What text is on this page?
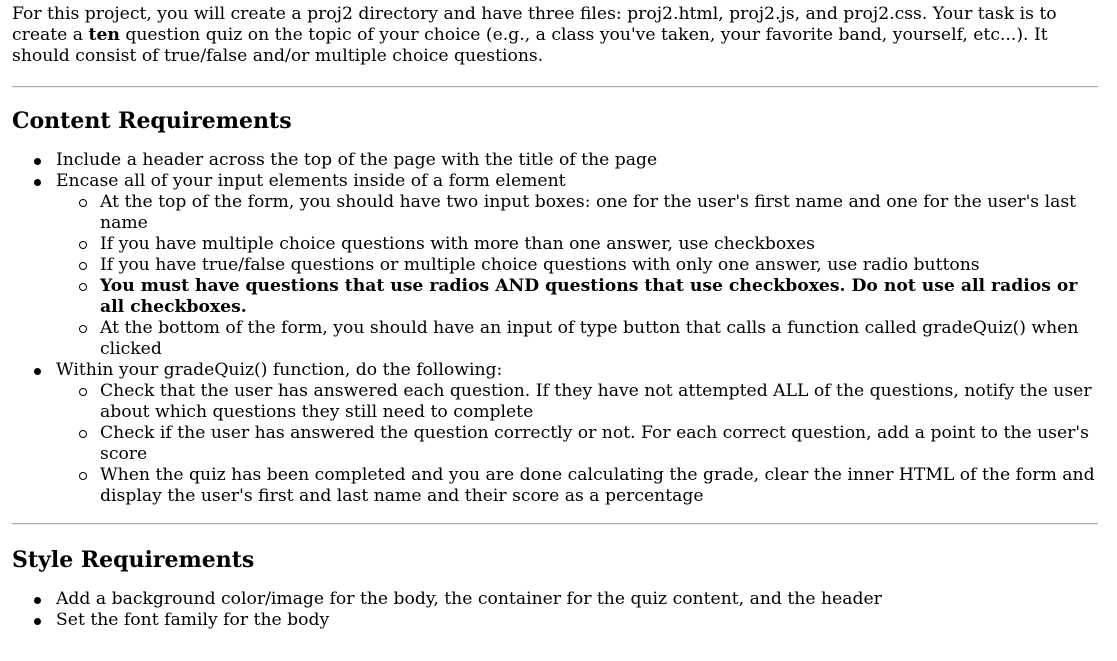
For this project, you will create a proj2 directory and have three files: proj2.html, proj2.js, and proj2.css. Your task is to create a ten question quiz on the topic of your choice (e.g., a class you've taken, your favorite band, yourself, etc...). It should consist of true/false and/or multiple choice questions.

Content Requirements
Include a header across the top of the page with the title of the page
Encase all of your input elements inside of a form element
At the top of the form, you should have two input boxes: one for the user's first name and one for the user's last name
If you have multiple choice questions with more than one answer, use checkboxes
If you have true/false questions or multiple choice questions with only one answer, use radio buttons
You must have questions that use radios AND questions that use checkboxes. Do not use all radios or all checkboxes.
At the bottom of the form, you should have an input of type button that calls a function called gradeQuiz() when clicked
Within your gradeQuiz() function, do the following:
Check that the user has answered each question. If they have not attempted ALL of the questions, notify the user about which questions they still need to complete
Check if the user has answered the question correctly or not. For each correct question, add a point to the user's score
When the quiz has been completed and you are done calculating the grade, clear the inner HTML of the form and display the user's first and last name and their score as a percentage
Style Requirements
Add a background color/image for the body, the container for the quiz content, and the header
Set the font family for the body
